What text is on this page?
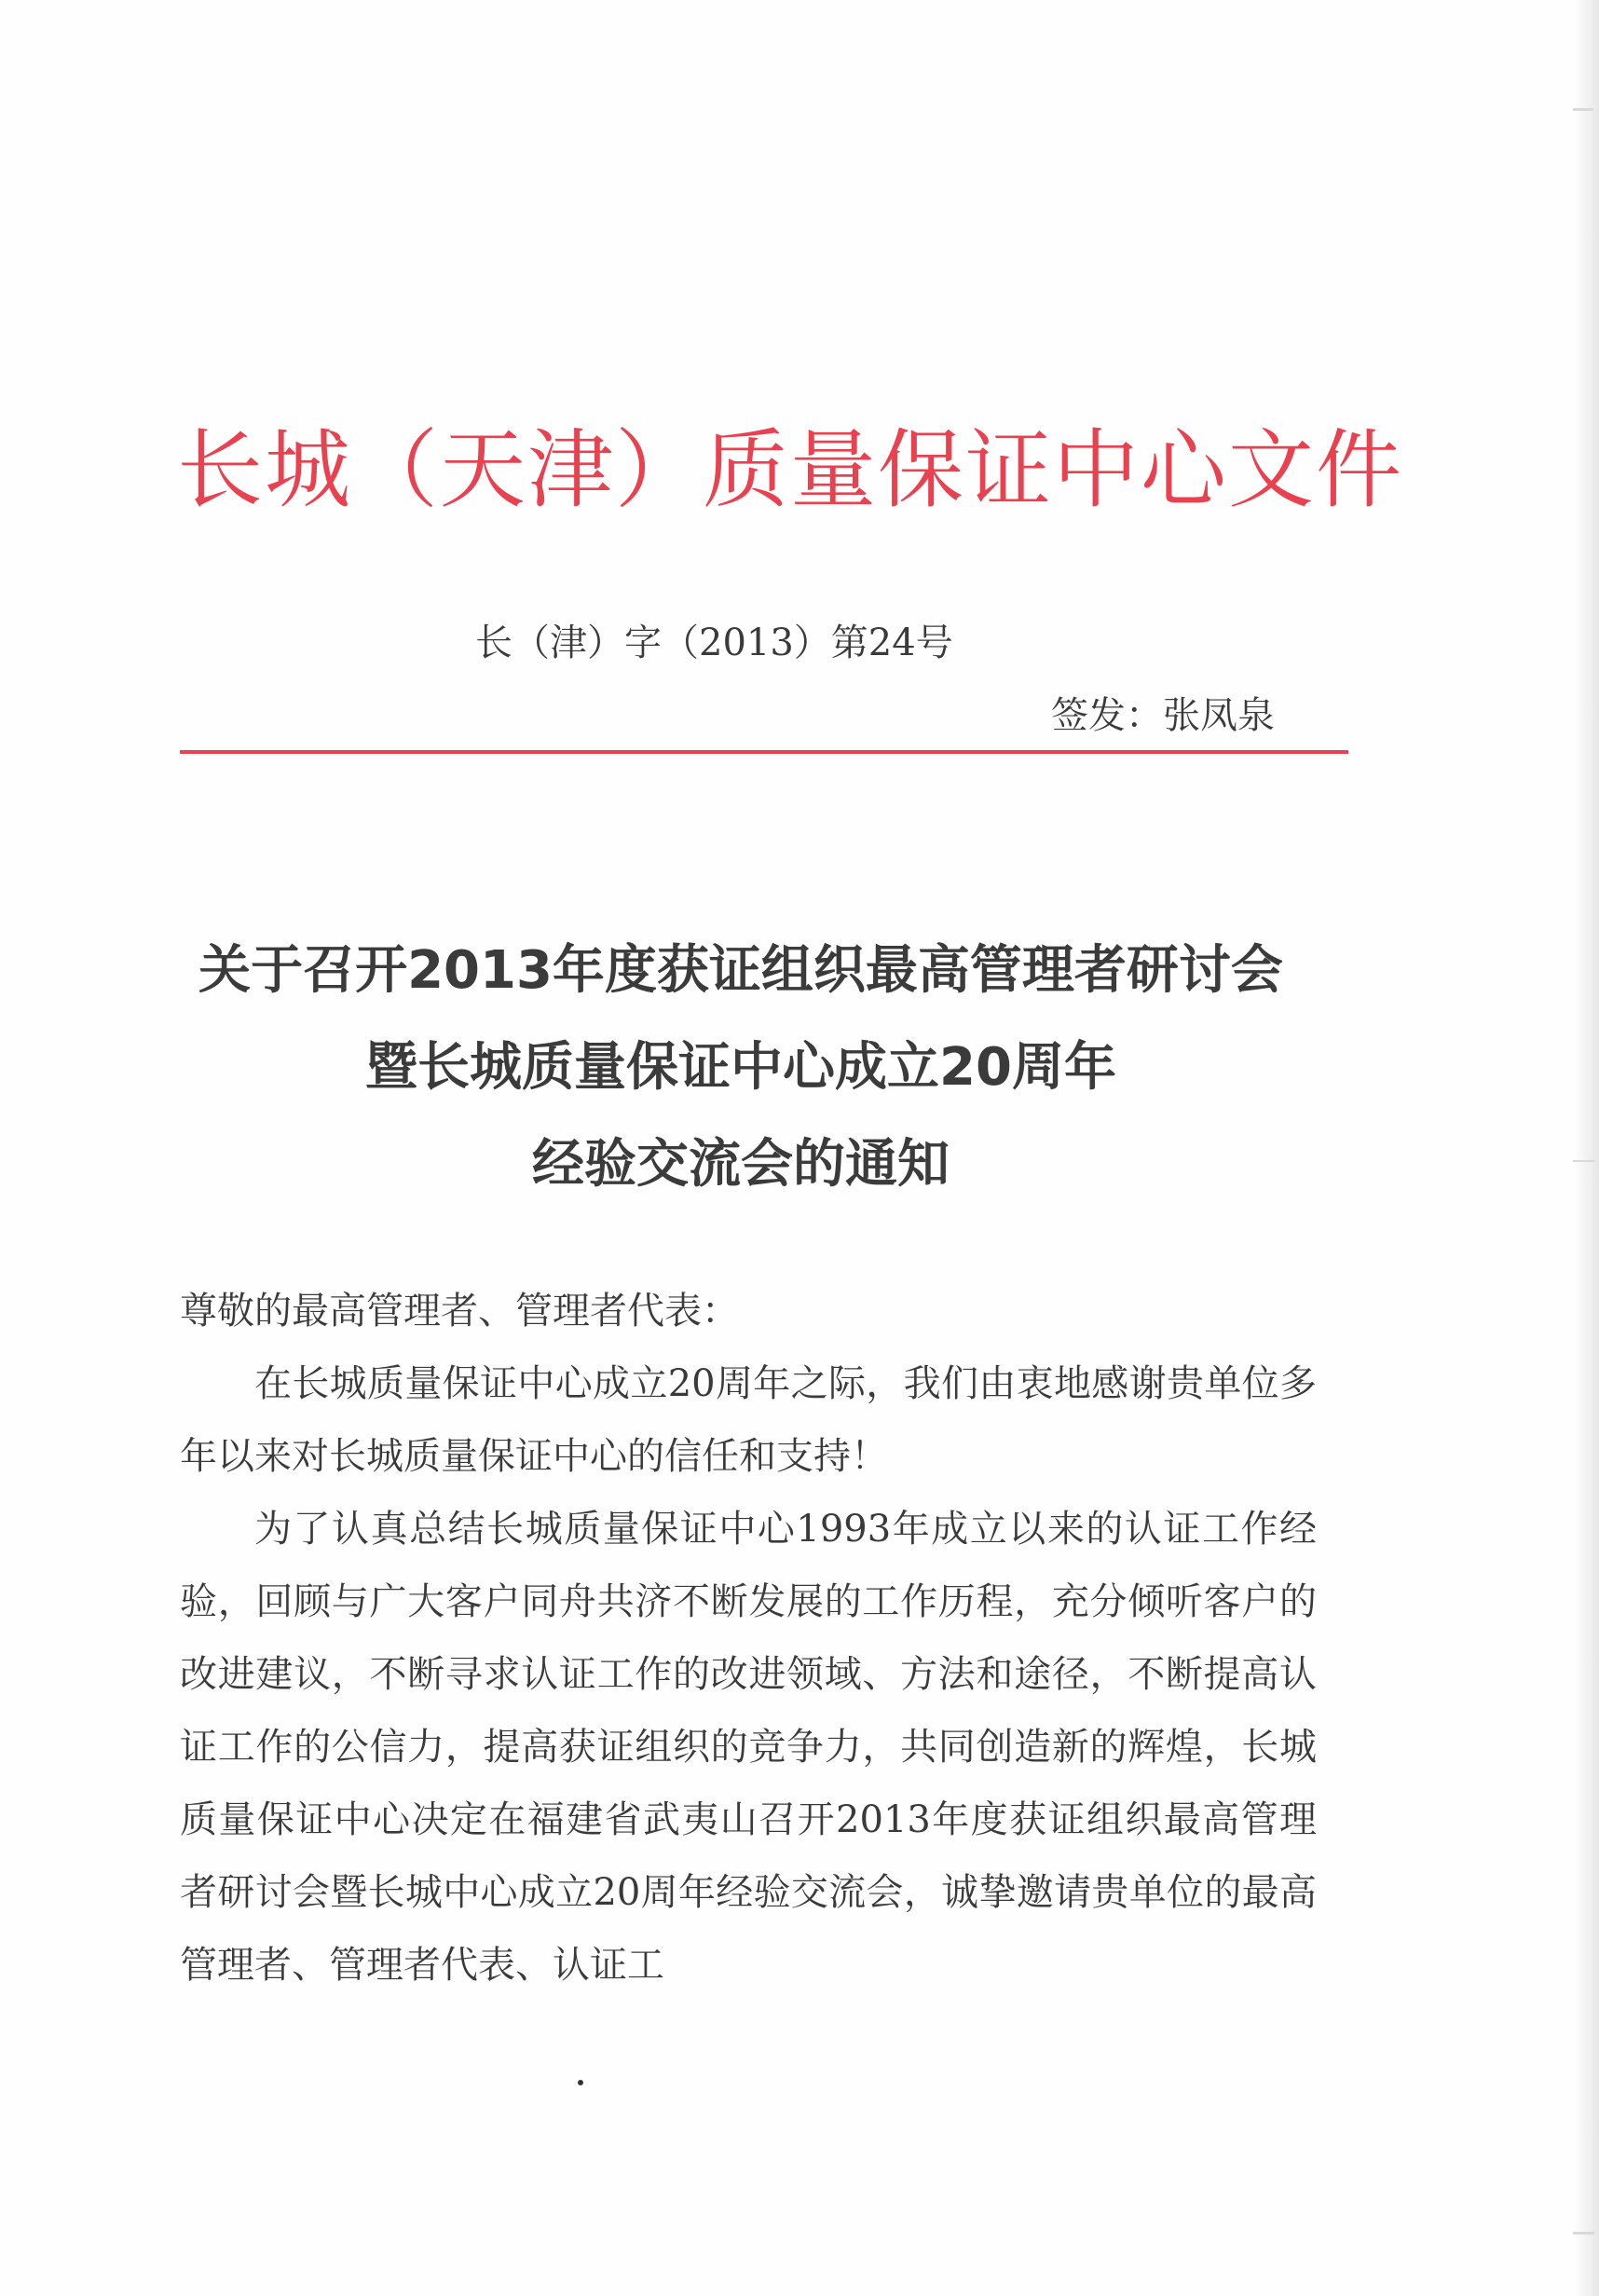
长城（天津）质量保证中心文件
长（津）字（2013）第24号
签发：张凤泉
关于召开2013年度获证组织最高管理者研讨会
暨长城质量保证中心成立20周年
经验交流会的通知

尊敬的最高管理者、管理者代表：

在长城质量保证中心成立20周年之际，我们由衷地感谢贵单位多年以来对长城质量保证中心的信任和支持！

为了认真总结长城质量保证中心1993年成立以来的认证工作经验，回顾与广大客户同舟共济不断发展的工作历程，充分倾听客户的改进建议，不断寻求认证工作的改进领域、方法和途径，不断提高认证工作的公信力，提高获证组织的竞争力，共同创造新的辉煌，长城质量保证中心决定在福建省武夷山召开2013年度获证组织最高管理者研讨会暨长城中心成立20周年经验交流会，诚挚邀请贵单位的最高管理者、管理者代表、认证工
